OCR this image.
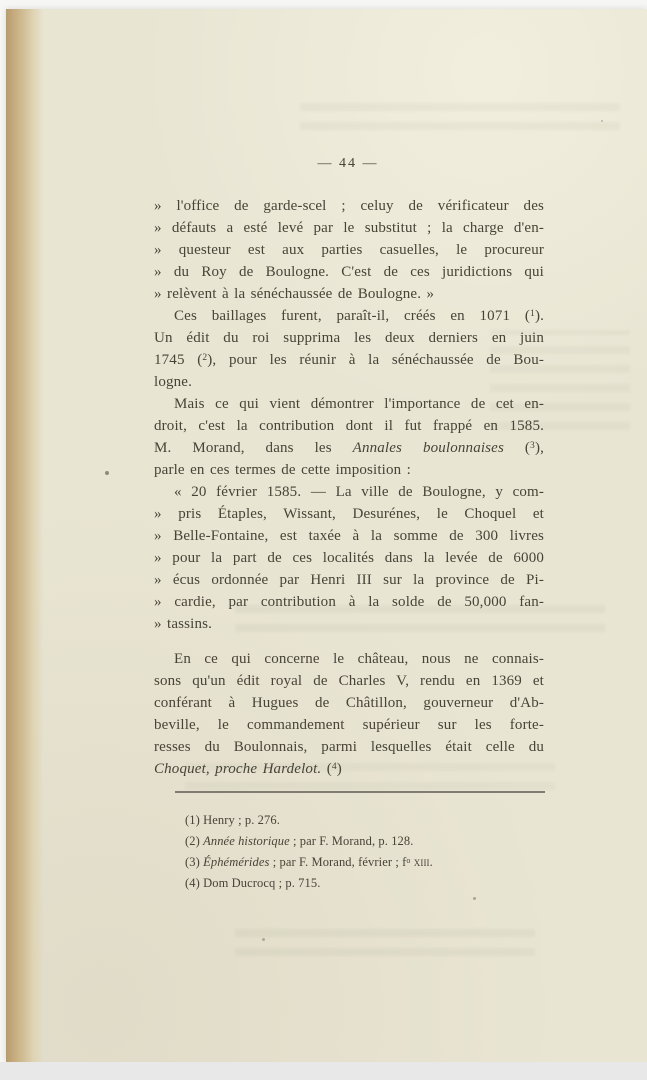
— 44 —
» l'office de garde-scel ; celuy de vérificateur des
» défauts a esté levé par le substitut ; la charge d'en-
» questeur est aux parties casuelles, le procureur
» du Roy de Boulogne. C'est de ces juridictions qui
» relèvent à la sénéchaussée de Boulogne. »
Ces baillages furent, paraît-il, créés en 1071 ($^1$).
Un édit du roi supprima les deux derniers en juin
1745 ($^2$), pour les réunir à la sénéchaussée de Bou-
logne.
Mais ce qui vient démontrer l'importance de cet en-
droit, c'est la contribution dont il fut frappé en 1585.
M. Morand, dans les Annales boulonnaises ($^3$),
parle en ces termes de cette imposition :
« 20 février 1585. — La ville de Boulogne, y com-
» pris Étaples, Wissant, Desurénes, le Choquel et
» Belle-Fontaine, est taxée à la somme de 300 livres
» pour la part de ces localités dans la levée de 6000
» écus ordonnée par Henri III sur la province de Pi-
» cardie, par contribution à la solde de 50,000 fan-
» tassins.
En ce qui concerne le château, nous ne connais-
sons qu'un édit royal de Charles V, rendu en 1369 et
conférant à Hugues de Châtillon, gouverneur d'Ab-
beville, le commandement supérieur sur les forte-
resses du Boulonnais, parmi lesquelles était celle du
Choquet, proche Hardelot. ($^4$)
(1) Henry ; p. 276.
(2) Année historique ; par F. Morand, p. 128.
(3) Éphémérides ; par F. Morand, février ; $f^o$ xiii.
(4) Dom Ducrocq ; p. 715.
